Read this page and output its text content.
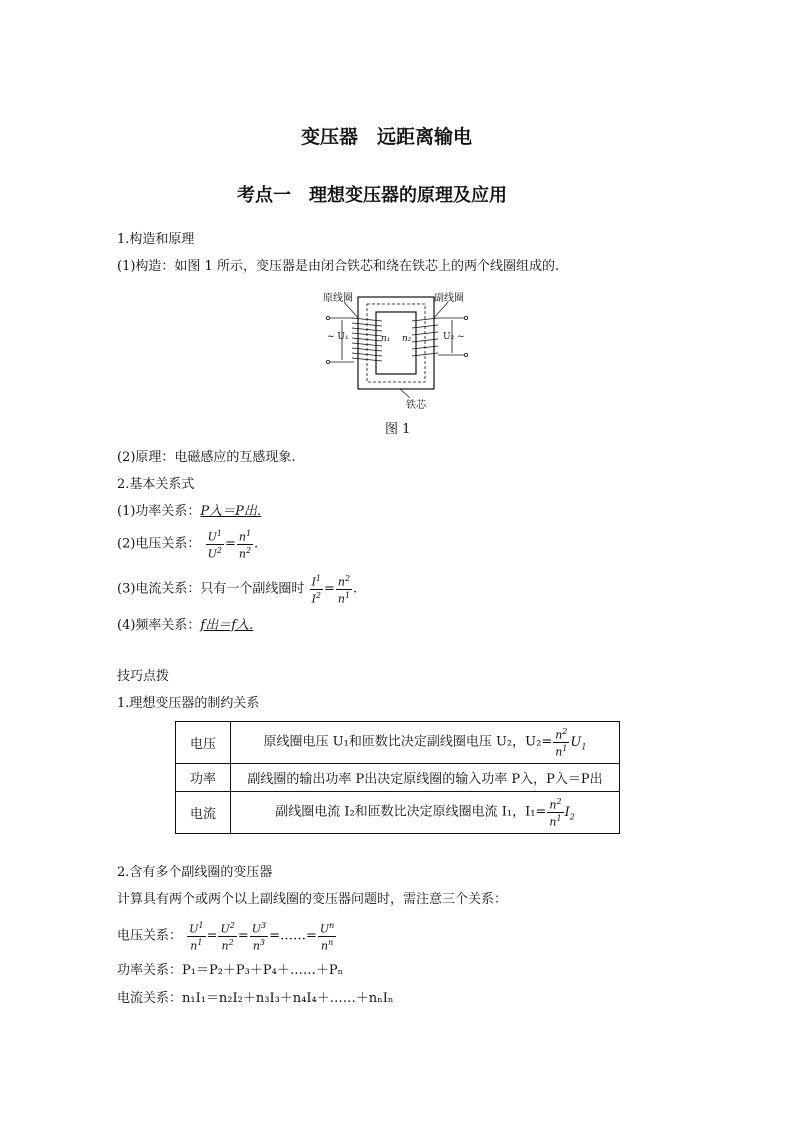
变压器　远距离输电
考点一　理想变压器的原理及应用
1.构造和原理
(1)构造：如图 1 所示，变压器是由闭合铁芯和绕在铁芯上的两个线圈组成的.
原线圈	副线圈
~ U₁	U₂ ~
n₁ n₂
铁芯
图 1
(2)原理：电磁感应的互感现象.
2.基本关系式
(1)功率关系：P入＝P出.
(2)电压关系： $\frac{U^1}{U^2} = \frac{n^1}{n^2}$ .
(3)电流关系：只有一个副线圈时 $\frac{I^1}{I^2} = \frac{n^2}{n^1}$ .
(4)频率关系：f出＝f入.
技巧点拨
1.理想变压器的制约关系
电压	原线圈电压 U₁和匝数比决定副线圈电压 U₂，$U_2= \frac{n^2}{n^1} U_1$
功率	副线圈的输出功率 P出决定原线圈的输入功率 P入，P入＝P出
电流	副线圈电流 I₂和匝数比决定原线圈电流 I₁，$I_1= \frac{n^2}{n^1} I_2$
2.含有多个副线圈的变压器
计算具有两个或两个以上副线圈的变压器问题时，需注意三个关系：
电压关系： $\frac{U^1}{n^1} = \frac{U^2}{n^2} = \frac{U^3}{n^3}$ =……= $\frac{U^n}{n^n}$
功率关系：P₁＝P₂＋P₃＋P₄＋……＋Pₙ
电流关系：n₁I₁＝n₂I₂＋n₃I₃＋n₄I₄＋……＋nₙIₙ
